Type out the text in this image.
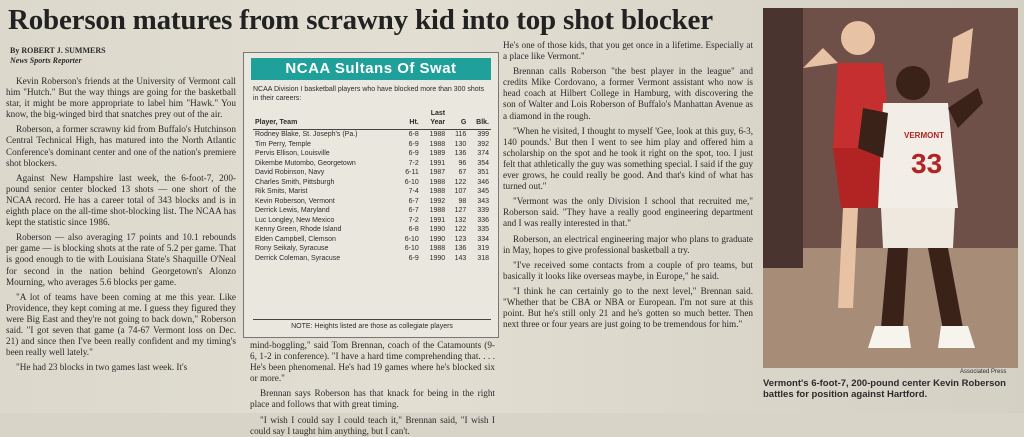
Roberson matures from scrawny kid into top shot blocker
By ROBERT J. SUMMERS
News Sports Reporter

Kevin Roberson's friends at the University of Vermont call him "Hutch." But the way things are going for the basketball star, it might be more appropriate to label him "Hawk." You know, the big-winged bird that snatches prey out of the air.

Roberson, a former scrawny kid from Buffalo's Hutchinson Central Technical High, has matured into the North Atlantic Conference's dominant center and one of the nation's premiere shot blockers.

Against New Hampshire last week, the 6-foot-7, 200-pound senior center blocked 13 shots — one short of the NCAA record. He has a career total of 343 blocks and is in eighth place on the all-time shot-blocking list. The NCAA has kept the statistic since 1986.

Roberson — also averaging 17 points and 10.1 rebounds per game — is blocking shots at the rate of 5.2 per game. That is good enough to tie with Louisiana State's Shaquille O'Neal for second in the nation behind Georgetown's Alonzo Mourning, who averages 5.6 blocks per game.

"A lot of teams have been coming at me this year. Like Providence, they kept coming at me. I guess they figured they were Big East and they're not going to back down," Roberson said. "I got seven that game (a 74-67 Vermont loss on Dec. 21) and since then I've been really confident and my timing's been really well lately."

"He had 23 blocks in two games last week. It's

NCAA Sultans Of Swat
NCAA Division I basketball players who have blocked more than 300 shots in their careers:
		Last		
Player, Team	Ht.	Year	G	Blk.
Rodney Blake, St. Joseph's (Pa.)	6-8	1988	116	399
Tim Perry, Temple	6-9	1988	130	392
Pervis Ellison, Louisville	6-9	1989	136	374
Dikembe Mutombo, Georgetown	7-2	1991	96	354
David Robinson, Navy	6-11	1987	67	351
Charles Smith, Pittsburgh	6-10	1988	122	346
Rik Smits, Marist	7-4	1988	107	345
Kevin Roberson, Vermont	6-7	1992	98	343
Derrick Lewis, Maryland	6-7	1988	127	339
Luc Longley, New Mexico	7-2	1991	132	336
Kenny Green, Rhode Island	6-8	1990	122	335
Elden Campbell, Clemson	6-10	1990	123	334
Rony Seikaly, Syracuse	6-10	1988	136	319
Derrick Coleman, Syracuse	6-9	1990	143	318
NOTE: Heights listed are those as collegiate players

mind-boggling," said Tom Brennan, coach of the Catamounts (9-6, 1-2 in conference). "I have a hard time comprehending that. . . . He's been phenomenal. He's had 19 games where he's blocked six or more."

Brennan says Roberson has that knack for being in the right place and follows that with great timing.

"I wish I could say I could teach it," Brennan said, "I wish I could say I taught him anything, but I can't.

He's one of those kids, that you get once in a lifetime. Especially at a place like Vermont."

Brennan calls Roberson "the best player in the league" and credits Mike Cordovano, a former Vermont assistant who now is head coach at Hilbert College in Hamburg, with discovering the son of Walter and Lois Roberson of Buffalo's Manhattan Avenue as a diamond in the rough.

"When he visited, I thought to myself 'Gee, look at this guy, 6-3, 140 pounds.' But then I went to see him play and offered him a scholarship on the spot and he took it right on the spot, too. I just felt that athletically the guy was something special. I said if the guy ever grows, he could really be good. And that's kind of what has turned out."

"Vermont was the only Division I school that recruited me," Roberson said. "They have a really good engineering department and I was really interested in that."

Roberson, an electrical engineering major who plans to graduate in May, hopes to give professional basketball a try.

"I've received some contacts from a couple of pro teams, but basically it looks like overseas maybe, in Europe," he said.

"I think he can certainly go to the next level," Brennan said. "Whether that be CBA or NBA or European. I'm not sure at this point. But he's still only 21 and he's gotten so much better. Then next three or four years are just going to be tremendous for him."

VERMONT
33
Associated Press
Vermont's 6-foot-7, 200-pound center Kevin Roberson battles for position against Hartford.
